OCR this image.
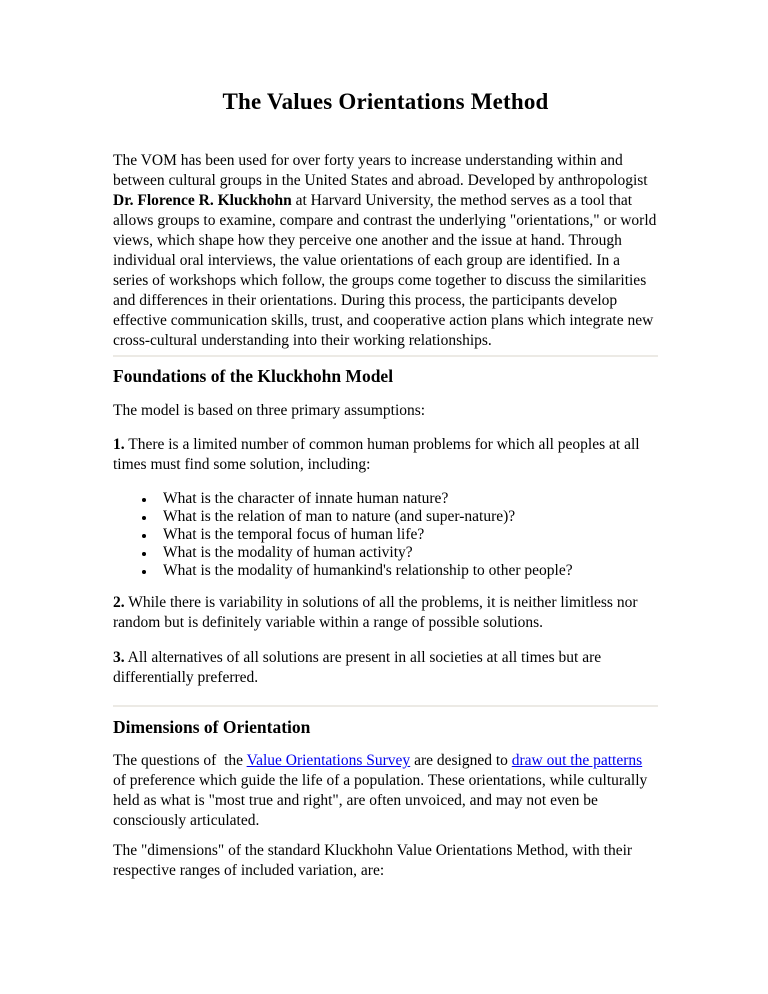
The Values Orientations Method

The VOM has been used for over forty years to increase understanding within and between cultural groups in the United States and abroad. Developed by anthropologist Dr. Florence R. Kluckhohn at Harvard University, the method serves as a tool that allows groups to examine, compare and contrast the underlying "orientations," or world views, which shape how they perceive one another and the issue at hand. Through individual oral interviews, the value orientations of each group are identified. In a series of workshops which follow, the groups come together to discuss the similarities and differences in their orientations. During this process, the participants develop effective communication skills, trust, and cooperative action plans which integrate new cross-cultural understanding into their working relationships.

Foundations of the Kluckhohn Model

The model is based on three primary assumptions:

1. There is a limited number of common human problems for which all peoples at all times must find some solution, including:

• What is the character of innate human nature?
• What is the relation of man to nature (and super-nature)?
• What is the temporal focus of human life?
• What is the modality of human activity?
• What is the modality of humankind's relationship to other people?

2. While there is variability in solutions of all the problems, it is neither limitless nor random but is definitely variable within a range of possible solutions.

3. All alternatives of all solutions are present in all societies at all times but are differentially preferred.

Dimensions of Orientation

The questions of  the Value Orientations Survey are designed to draw out the patterns of preference which guide the life of a population. These orientations, while culturally held as what is "most true and right", are often unvoiced, and may not even be consciously articulated.

The "dimensions" of the standard Kluckhohn Value Orientations Method, with their respective ranges of included variation, are:
